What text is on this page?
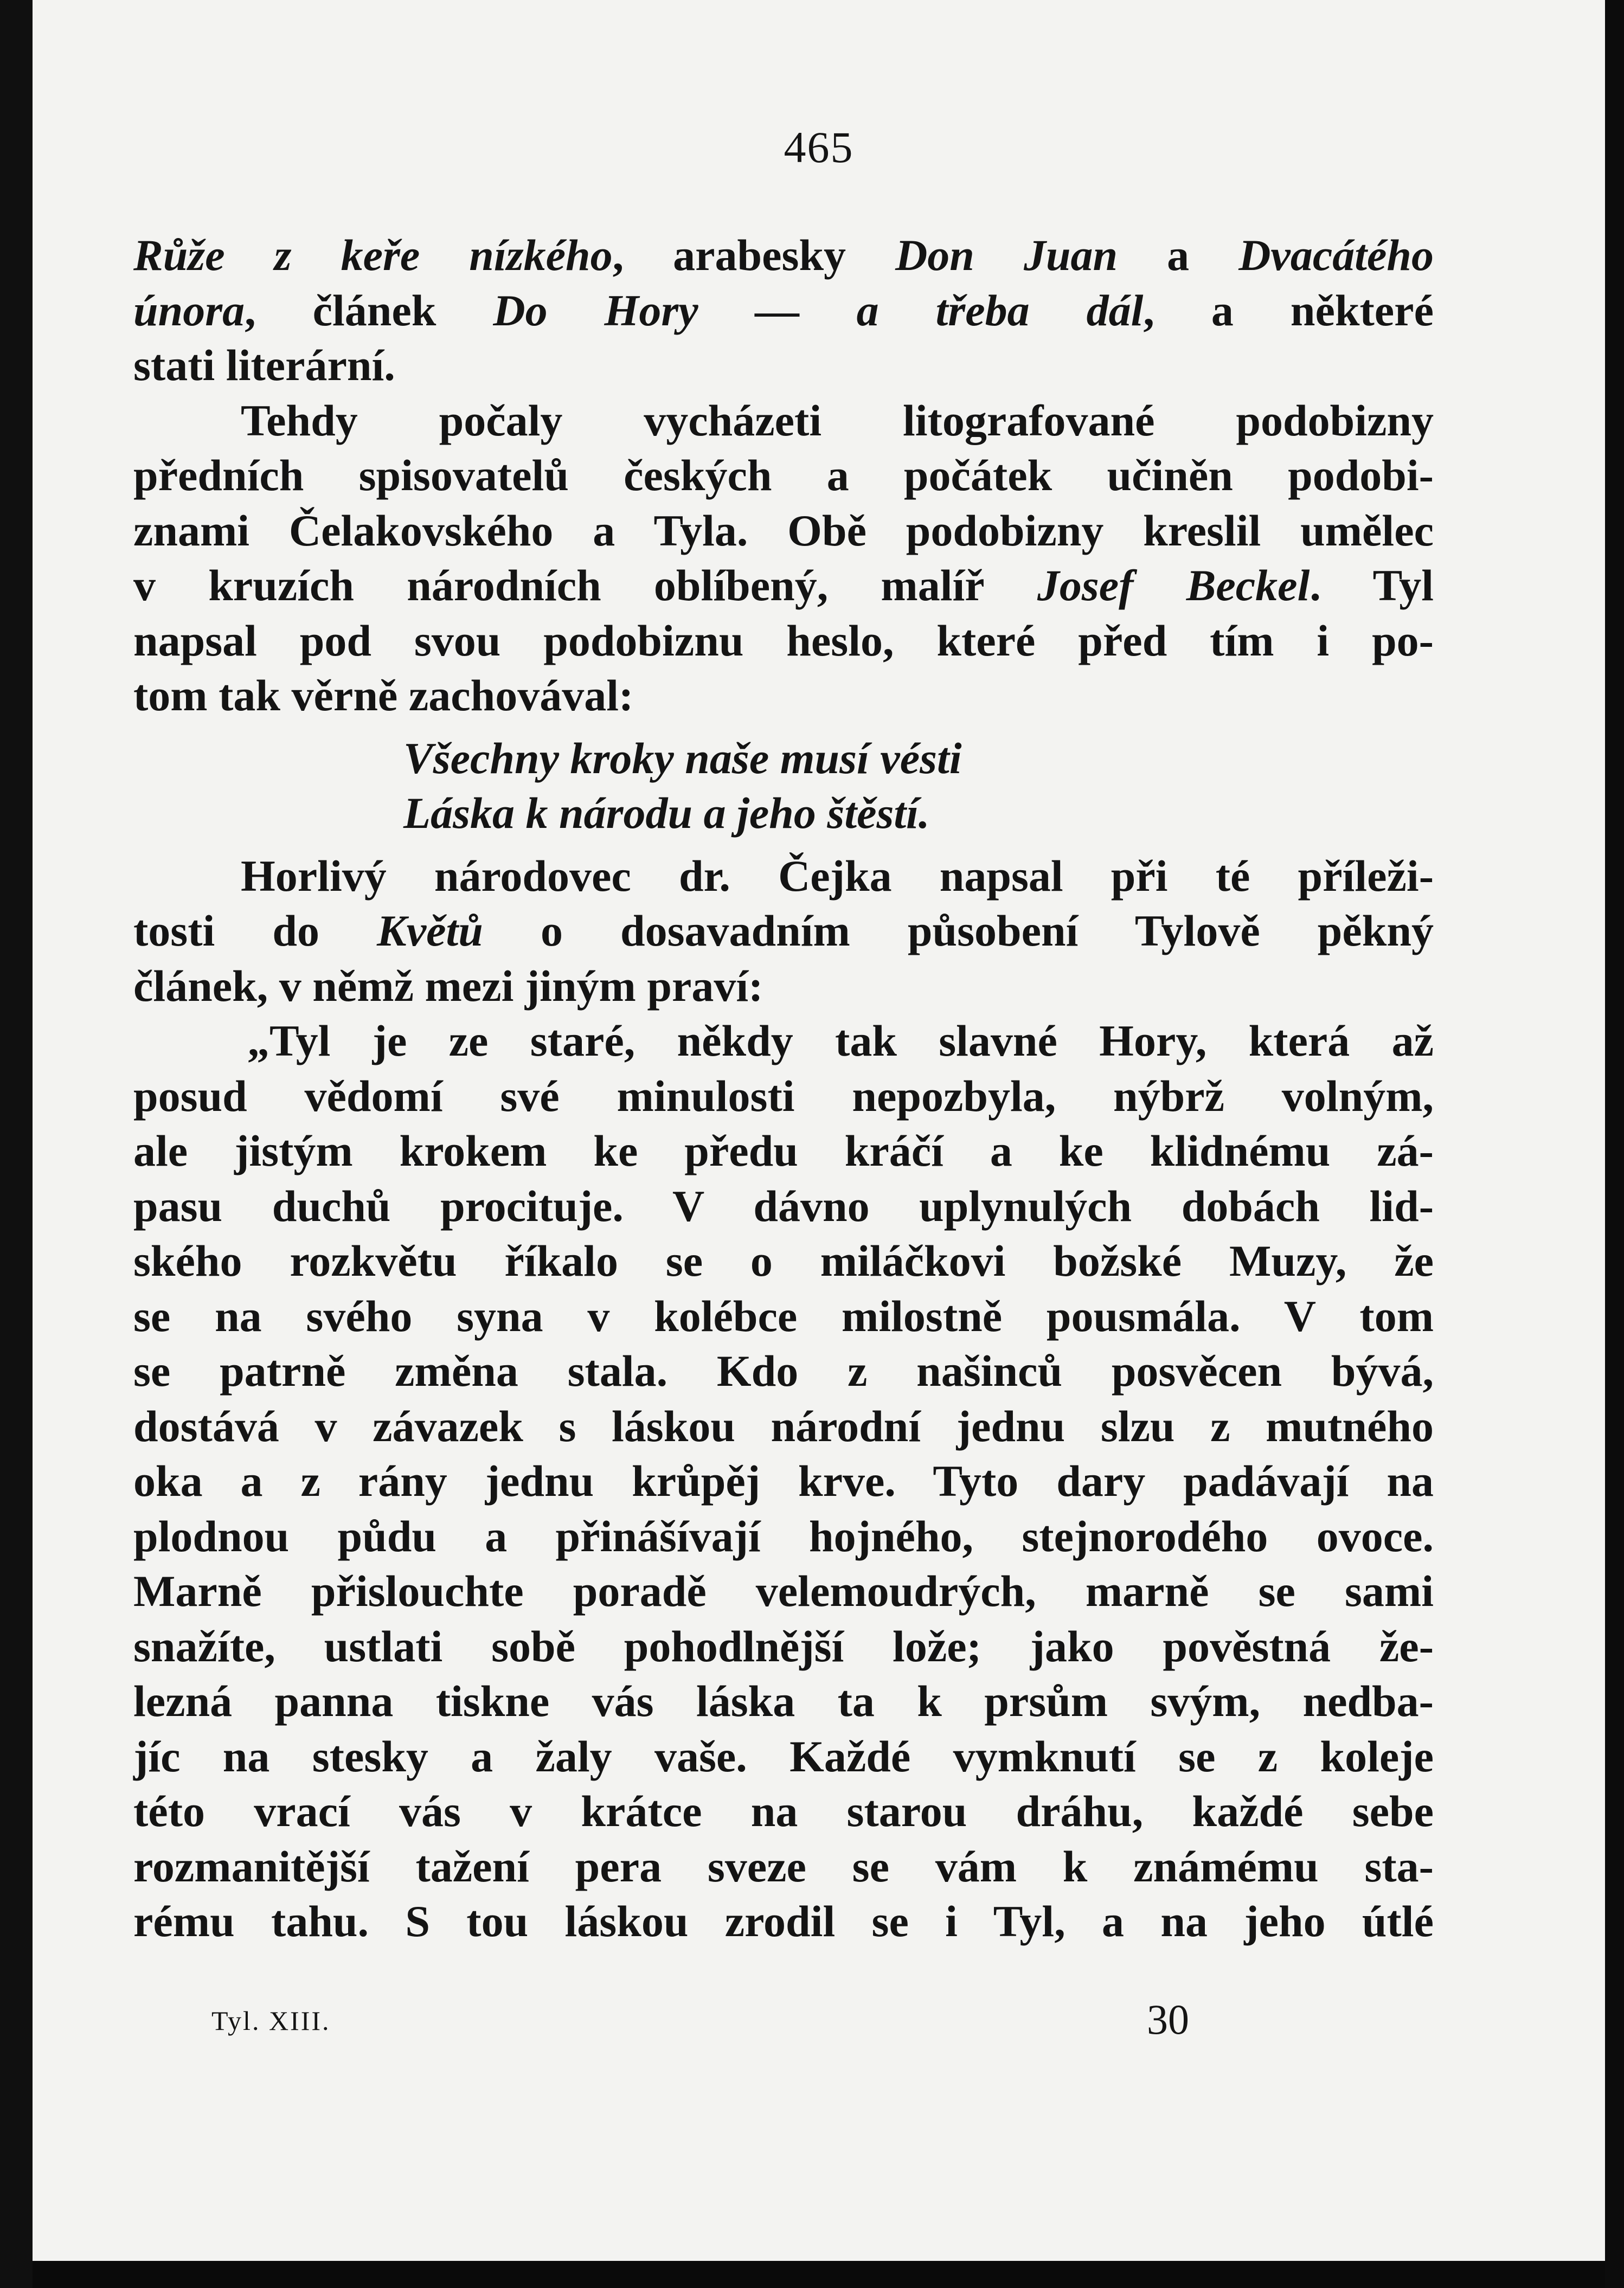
465
Růže z keře nízkého, arabesky Don Juan a Dvacátého
února, článek Do Hory — a třeba dál, a některé
stati literární.
Tehdy počaly vycházeti litografované podobizny
předních spisovatelů českých a počátek učiněn podobi-
znami Čelakovského a Tyla. Obě podobizny kreslil umělec
v kruzích národních oblíbený, malíř Josef Beckel. Tyl
napsal pod svou podobiznu heslo, které před tím i po-
tom tak věrně zachovával:
Všechny kroky naše musí vésti
Láska k národu a jeho štěstí.
Horlivý národovec dr. Čejka napsal při té příleži-
tosti do Květů o dosavadním působení Tylově pěkný
článek, v němž mezi jiným praví:
„Tyl je ze staré, někdy tak slavné Hory, která až
posud vědomí své minulosti nepozbyla, nýbrž volným,
ale jistým krokem ke předu kráčí a ke klidnému zá-
pasu duchů procituje. V dávno uplynulých dobách lid-
ského rozkvětu říkalo se o miláčkovi božské Muzy, že
se na svého syna v kolébce milostně pousmála. V tom
se patrně změna stala. Kdo z našinců posvěcen bývá,
dostává v závazek s láskou národní jednu slzu z mutného
oka a z rány jednu krůpěj krve. Tyto dary padávají na
plodnou půdu a přinášívají hojného, stejnorodého ovoce.
Marně přislouchte poradě velemoudrých, marně se sami
snažíte, ustlati sobě pohodlnější lože; jako pověstná že-
lezná panna tiskne vás láska ta k prsům svým, nedba-
jíc na stesky a žaly vaše. Každé vymknutí se z koleje
této vrací vás v krátce na starou dráhu, každé sebe
rozmanitější tažení pera sveze se vám k známému sta-
rému tahu. S tou láskou zrodil se i Tyl, a na jeho útlé
Tyl. XIII.	30
